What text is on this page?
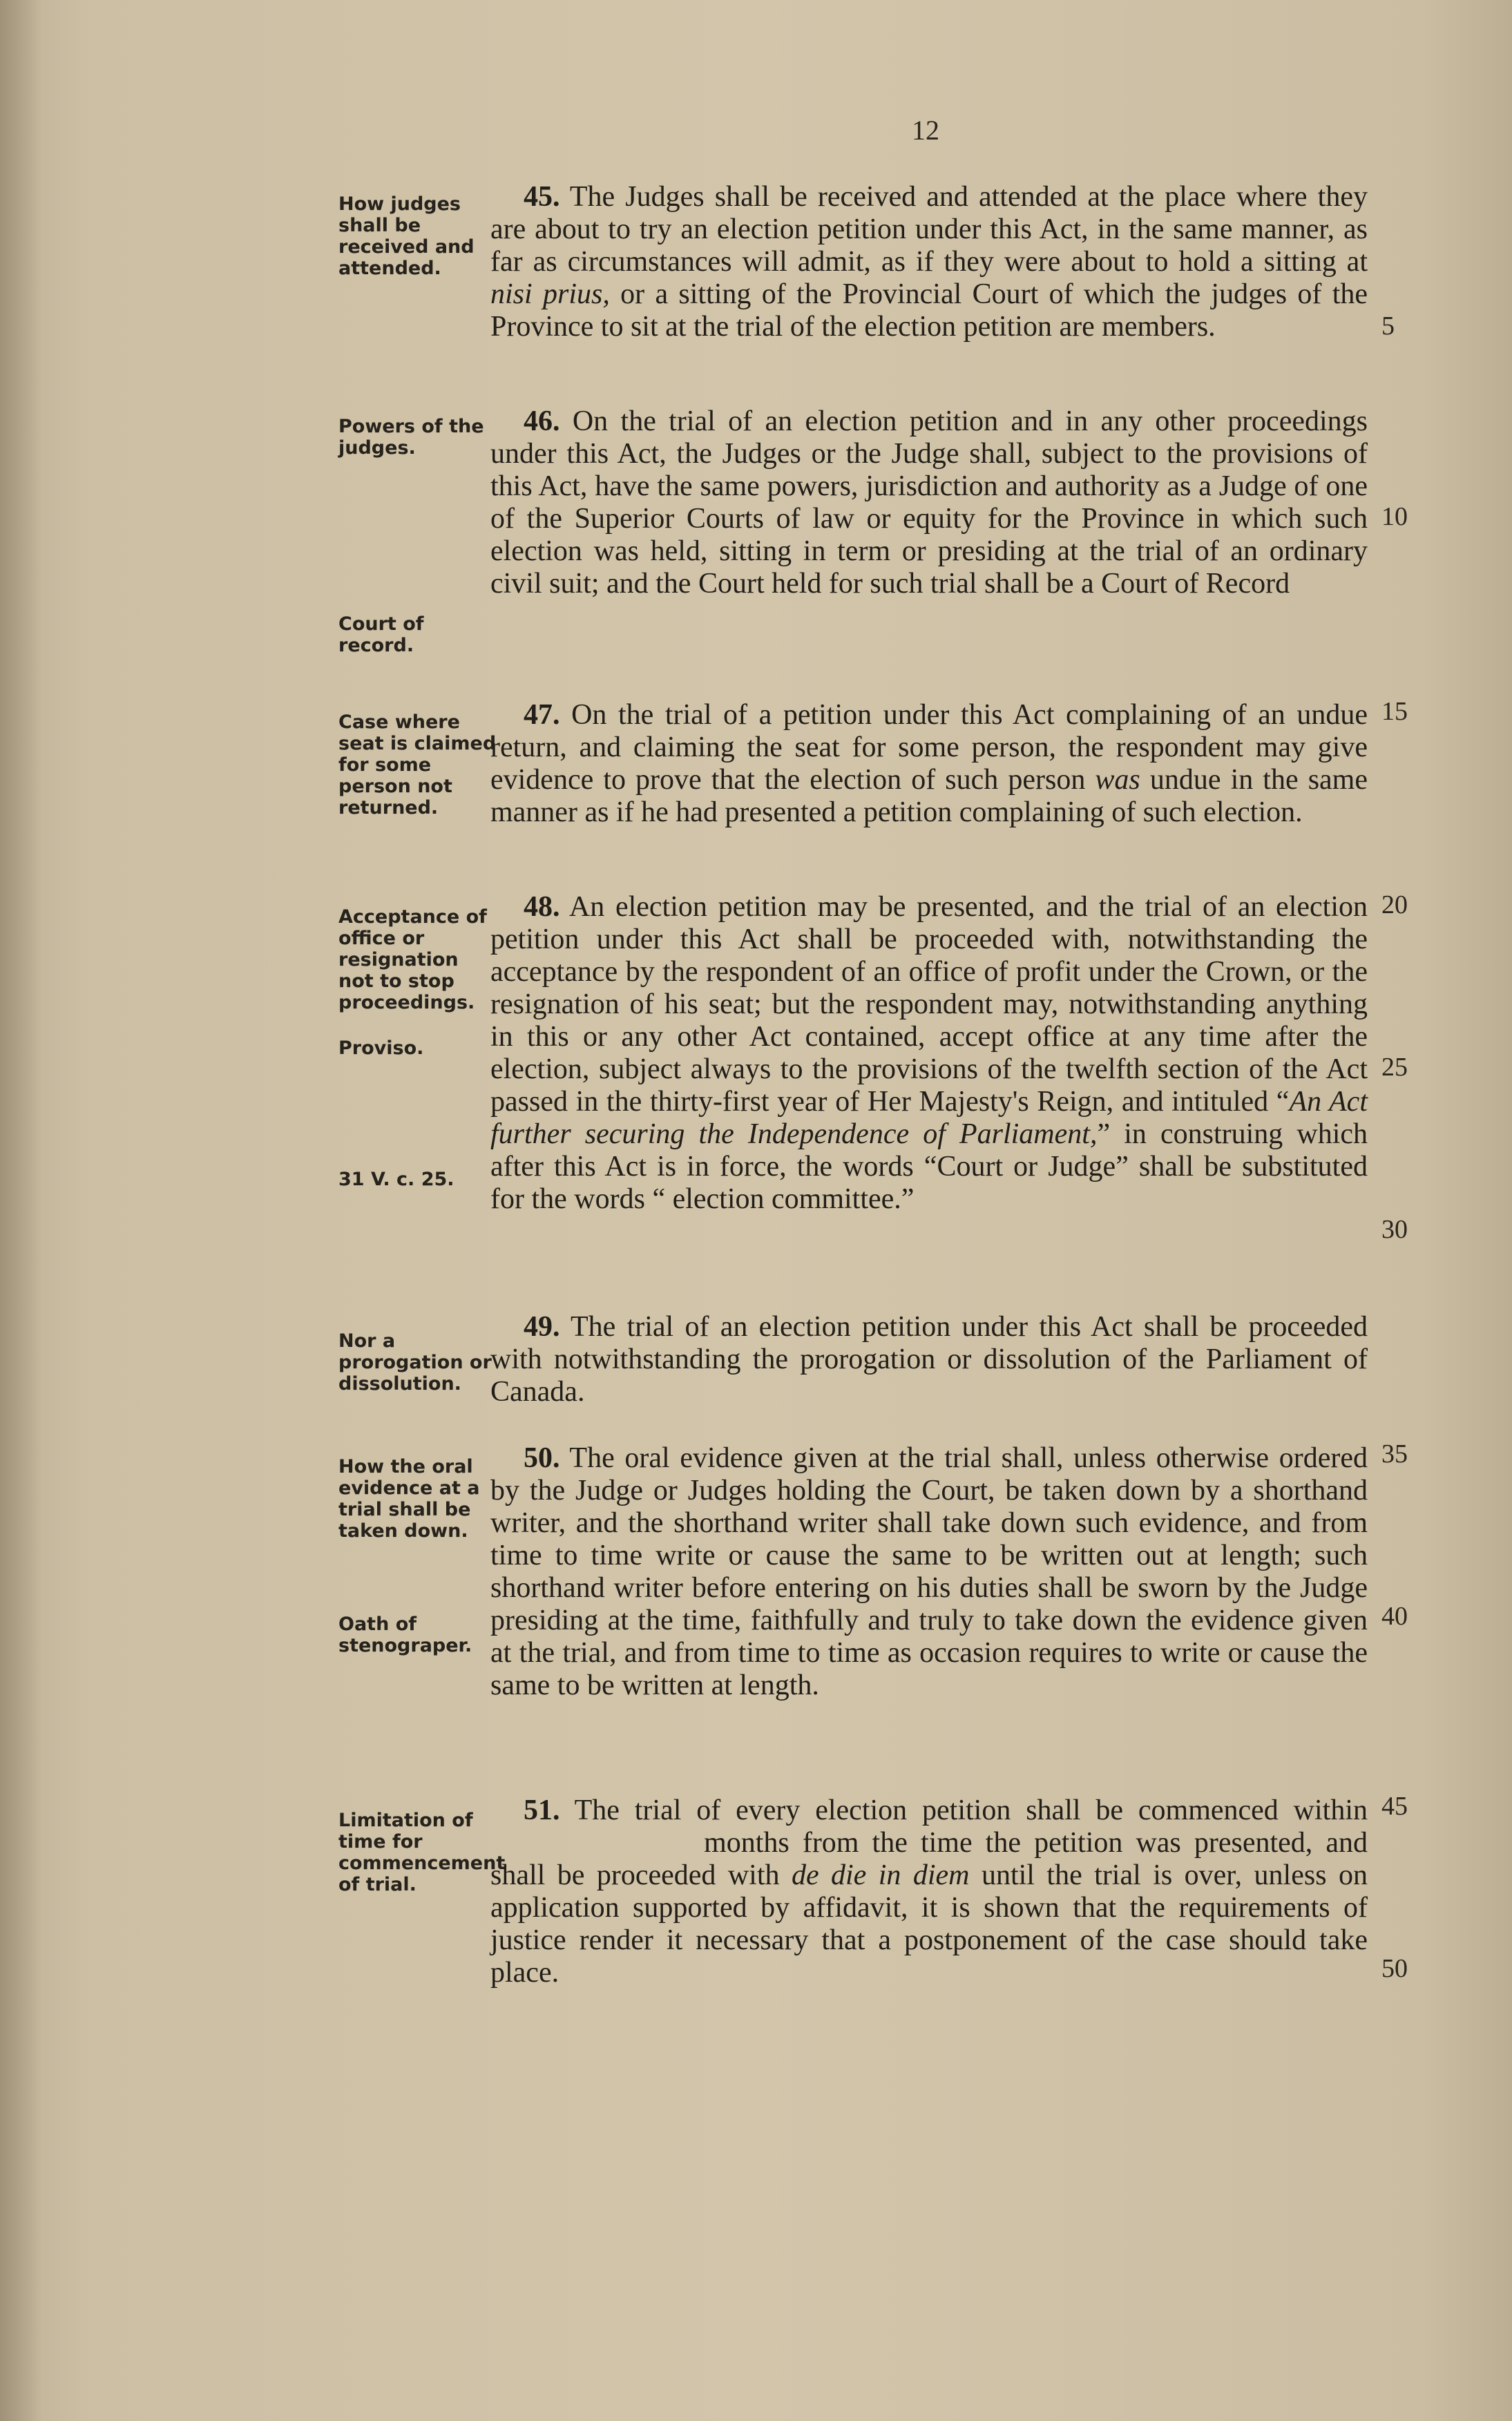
12

How judges shall be received and attended.

45. The Judges shall be received and attended at the place where they are about to try an election petition under this Act, in the same manner, as far as circumstances will admit, as if they were about to hold a sitting at nisi prius, or a sitting of the Provincial Court of which the judges of the Province to sit at the trial of the election petition are members.

Powers of the judges.

Court of record.

46. On the trial of an election petition and in any other proceedings under this Act, the Judges or the Judge shall, subject to the provisions of this Act, have the same powers, jurisdiction and authority as a Judge of one of the Superior Courts of law or equity for the Province in which such election was held, sitting in term or presiding at the trial of an ordinary civil suit; and the Court held for such trial shall be a Court of Record

Case where seat is claimed for some person not returned.

47. On the trial of a petition under this Act complaining of an undue return, and claiming the seat for some person, the respondent may give evidence to prove that the election of such person was undue in the same manner as if he had presented a petition complaining of such election.

Acceptance of office or resignation not to stop proceedings.

Proviso.

31 V. c. 25.

48. An election petition may be presented, and the trial of an election petition under this Act shall be proceeded with, notwithstanding the acceptance by the respondent of an office of profit under the Crown, or the resignation of his seat; but the respondent may, notwithstanding anything in this or any other Act contained, accept office at any time after the election, subject always to the provisions of the twelfth section of the Act passed in the thirty-first year of Her Majesty's Reign, and intituled “An Act further securing the Independence of Parliament,” in construing which after this Act is in force, the words “Court or Judge” shall be substituted for the words “ election committee.”

Nor a prorogation or dissolution.

49. The trial of an election petition under this Act shall be proceeded with notwithstanding the prorogation or dissolution of the Parliament of Canada.

How the oral evidence at a trial shall be taken down.

Oath of stenograper.

50. The oral evidence given at the trial shall, unless otherwise ordered by the Judge or Judges holding the Court, be taken down by a shorthand writer, and the shorthand writer shall take down such evidence, and from time to time write or cause the same to be written out at length; such shorthand writer before entering on his duties shall be sworn by the Judge presiding at the time, faithfully and truly to take down the evidence given at the trial, and from time to time as occasion requires to write or cause the same to be written at length.

Limitation of time for commencement of trial.

51. The trial of every election petition shall be commenced within  months from the time the petition was presented, and shall be proceeded with de die in diem until the trial is over, unless on application supported by affidavit, it is shown that the requirements of justice render it necessary that a postponement of the case should take place.

5
10
15
20
25
30
35
40
45
50
